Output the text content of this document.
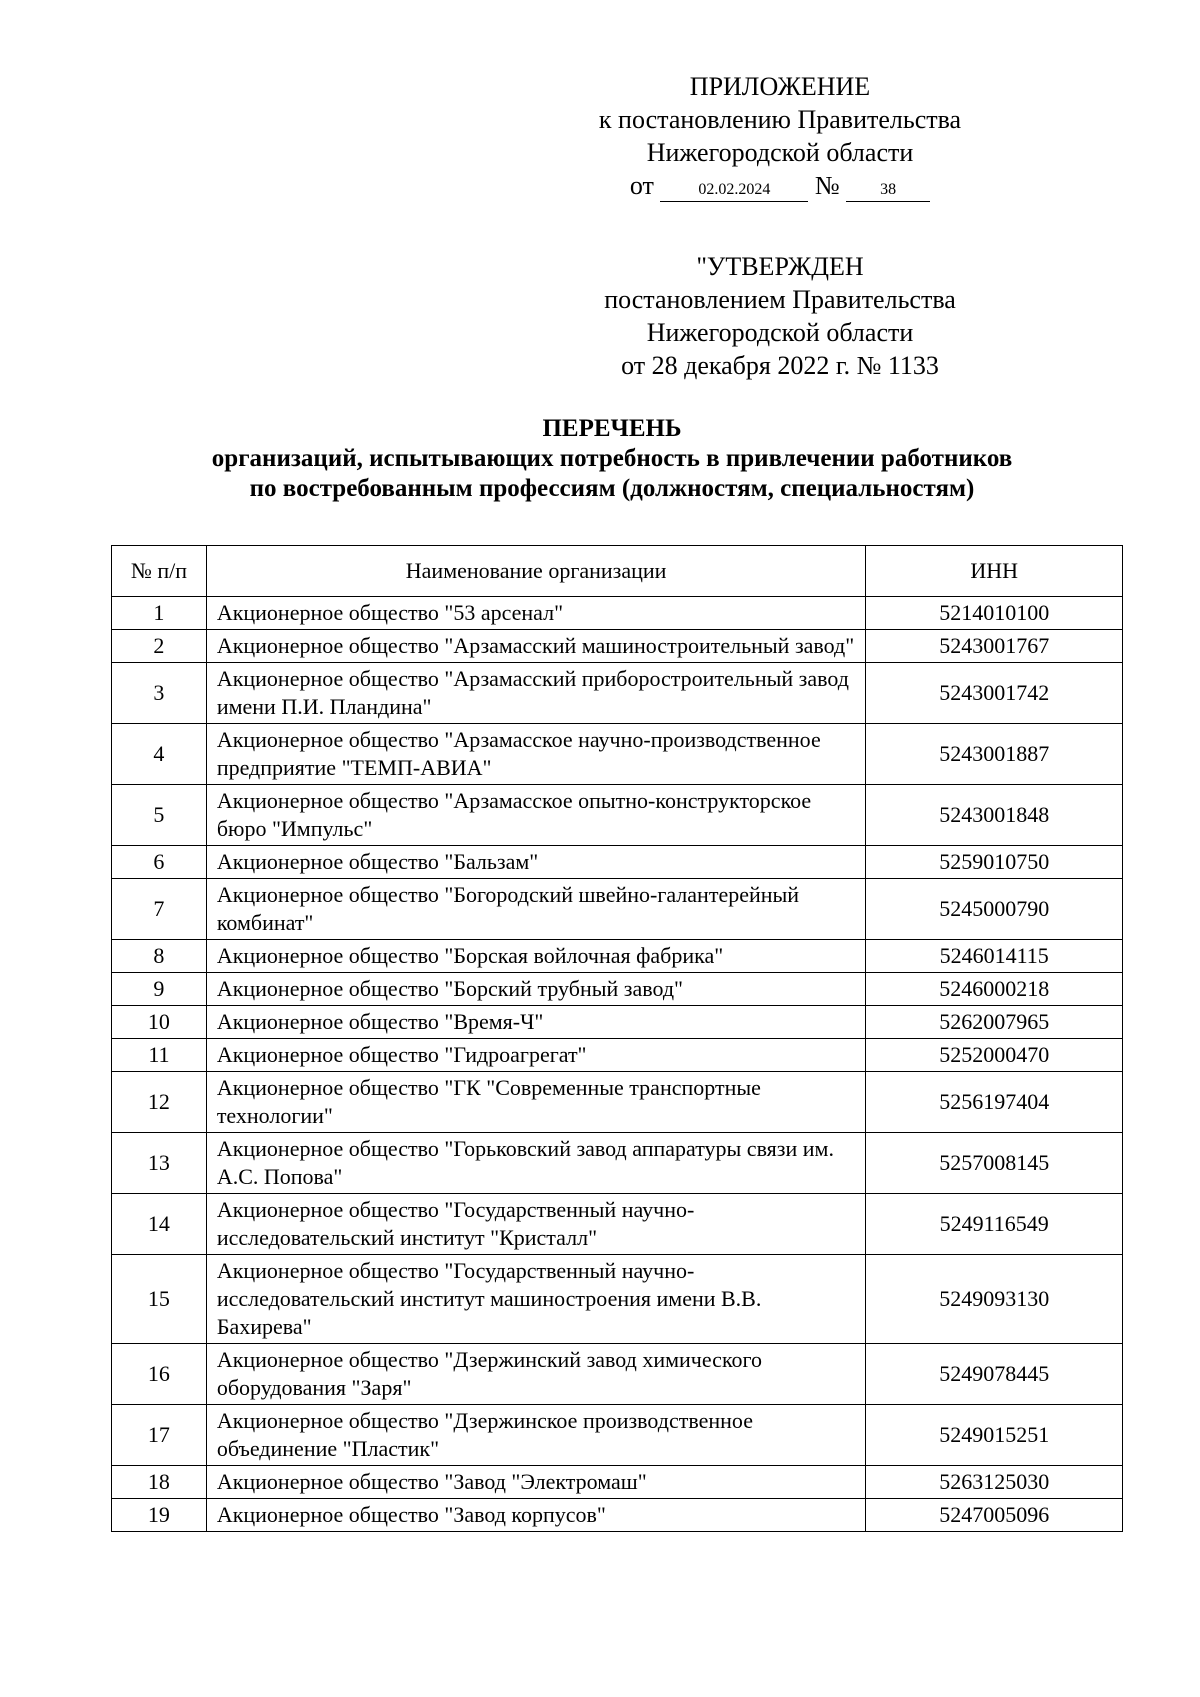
ПРИЛОЖЕНИЕ
к постановлению Правительства
Нижегородской области
от	02.02.2024 №	38
"УТВЕРЖДЕН
постановлением Правительства
Нижегородской области
от 28 декабря 2022 г. № 1133
ПЕРЕЧЕНЬ
организаций, испытывающих потребность в привлечении работников
по востребованным профессиям (должностям, специальностям)
№ п/п	Наименование организации	ИНН
1	Акционерное общество "53 арсенал"	5214010100
2	Акционерное общество "Арзамасский машиностроительный завод"	5243001767
3	Акционерное общество "Арзамасский приборостроительный завод имени П.И. Пландина"	5243001742
4	Акционерное общество "Арзамасское научно-производственное предприятие "ТЕМП-АВИА"	5243001887
5	Акционерное общество "Арзамасское опытно-конструкторское бюро "Импульс"	5243001848
6	Акционерное общество "Бальзам"	5259010750
7	Акционерное общество "Богородский швейно-галантерейный комбинат"	5245000790
8	Акционерное общество "Борская войлочная фабрика"	5246014115
9	Акционерное общество "Борский трубный завод"	5246000218
10	Акционерное общество "Время-Ч"	5262007965
11	Акционерное общество "Гидроагрегат"	5252000470
12	Акционерное общество "ГК "Современные транспортные технологии"	5256197404
13	Акционерное общество "Горьковский завод аппаратуры связи им. А.С. Попова"	5257008145
14	Акционерное общество "Государственный научно-исследовательский институт "Кристалл"	5249116549
15	Акционерное общество "Государственный научно-исследовательский институт машиностроения имени В.В. Бахирева"	5249093130
16	Акционерное общество "Дзержинский завод химического оборудования "Заря"	5249078445
17	Акционерное общество "Дзержинское производственное объединение "Пластик"	5249015251
18	Акционерное общество "Завод "Электромаш"	5263125030
19	Акционерное общество "Завод корпусов"	5247005096
